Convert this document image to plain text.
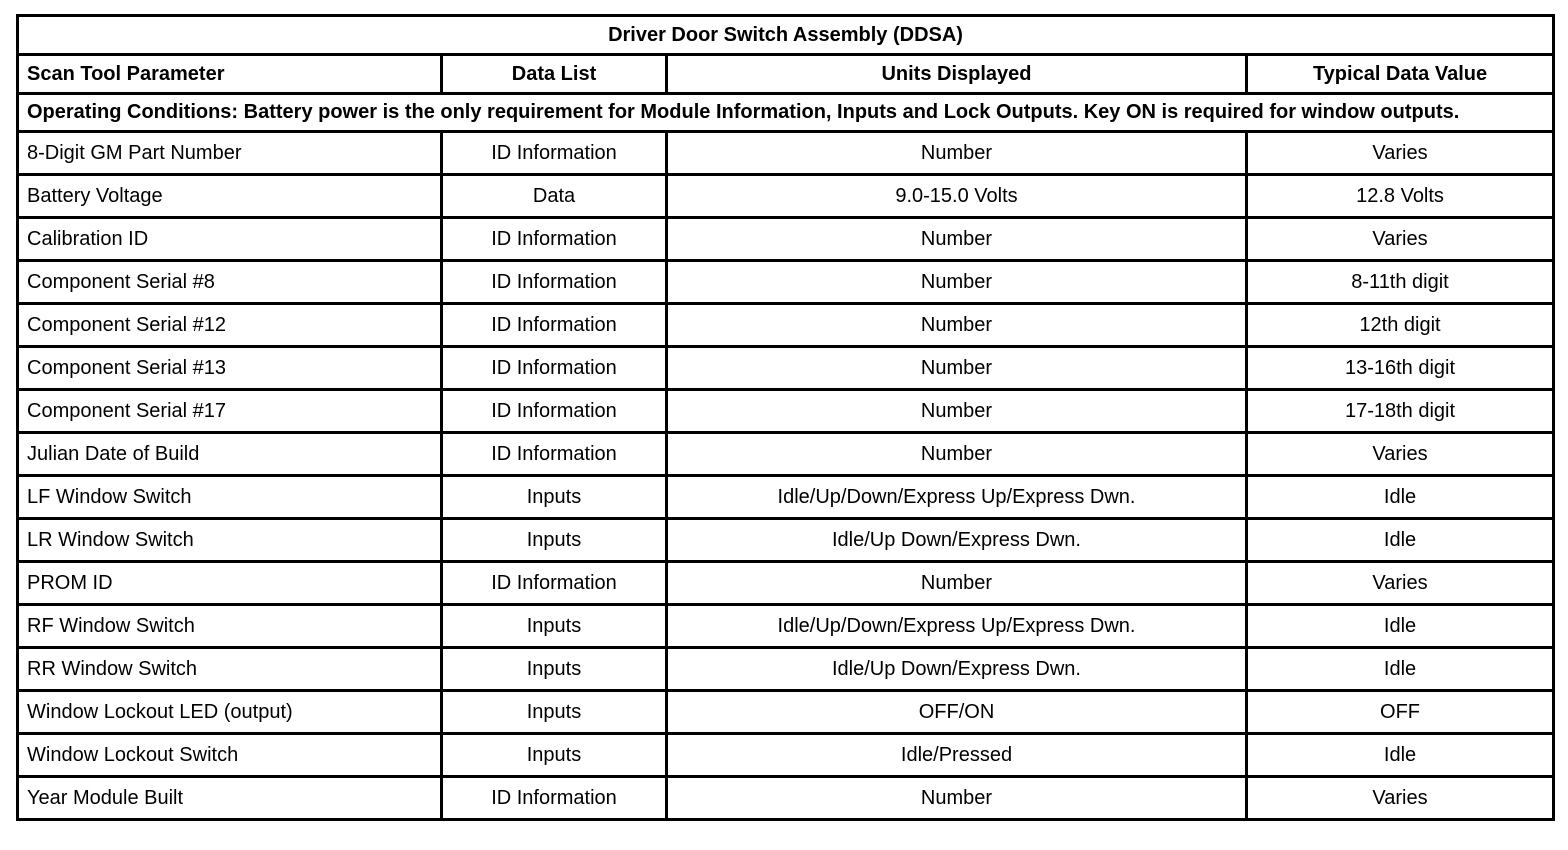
Driver Door Switch Assembly (DDSA)			
Scan Tool Parameter	Data List	Units Displayed	Typical Data Value
Operating Conditions: Battery power is the only requirement for Module Information, Inputs and Lock Outputs. Key ON is required for window outputs.			
8-Digit GM Part Number	ID Information	Number	Varies
Battery Voltage	Data	9.0-15.0 Volts	12.8 Volts
Calibration ID	ID Information	Number	Varies
Component Serial #8	ID Information	Number	8-11th digit
Component Serial #12	ID Information	Number	12th digit
Component Serial #13	ID Information	Number	13-16th digit
Component Serial #17	ID Information	Number	17-18th digit
Julian Date of Build	ID Information	Number	Varies
LF Window Switch	Inputs	Idle/Up/Down/Express Up/Express Dwn.	Idle
LR Window Switch	Inputs	Idle/Up Down/Express Dwn.	Idle
PROM ID	ID Information	Number	Varies
RF Window Switch	Inputs	Idle/Up/Down/Express Up/Express Dwn.	Idle
RR Window Switch	Inputs	Idle/Up Down/Express Dwn.	Idle
Window Lockout LED (output)	Inputs	OFF/ON	OFF
Window Lockout Switch	Inputs	Idle/Pressed	Idle
Year Module Built	ID Information	Number	Varies
